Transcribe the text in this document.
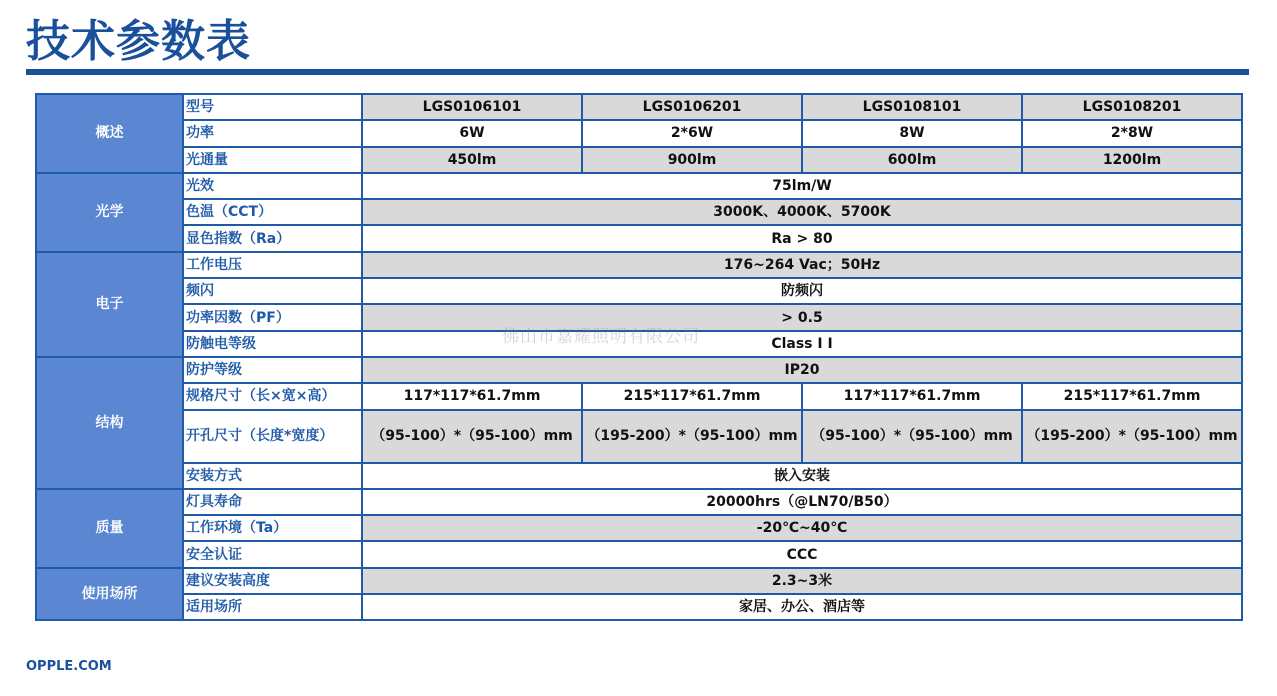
技术参数表
概述	型号	LGS0106101	LGS0106201	LGS0108101	LGS0108201
	功率	6W	2*6W	8W	2*8W
	光通量	450lm	900lm	600lm	1200lm
光学	光效	75lm/W			
	色温（CCT）	3000K、4000K、5700K			
	显色指数（Ra）	Ra > 80			
电子	工作电压	176~264 Vac；50Hz			
	频闪	防频闪			
	功率因数（PF）	> 0.5			
	防触电等级	Class Ⅰ Ⅰ			
结构	防护等级	IP20			
	规格尺寸（长×宽×高）	117*117*61.7mm	215*117*61.7mm	117*117*61.7mm	215*117*61.7mm
	开孔尺寸（长度*宽度）	（95-100）*（95-100）mm	（195-200）*（95-100）mm	（95-100）*（95-100）mm	（195-200）*（95-100）mm
	安装方式	嵌入安装			
质量	灯具寿命	20000hrs（@LN70/B50）			
	工作环境（Ta）	-20℃~40℃			
	安全认证	CCC			
使用场所	建议安装高度	2.3~3米			
	适用场所	家居、办公、酒店等			
佛山市嘉耀照明有限公司
OPPLE.COM
